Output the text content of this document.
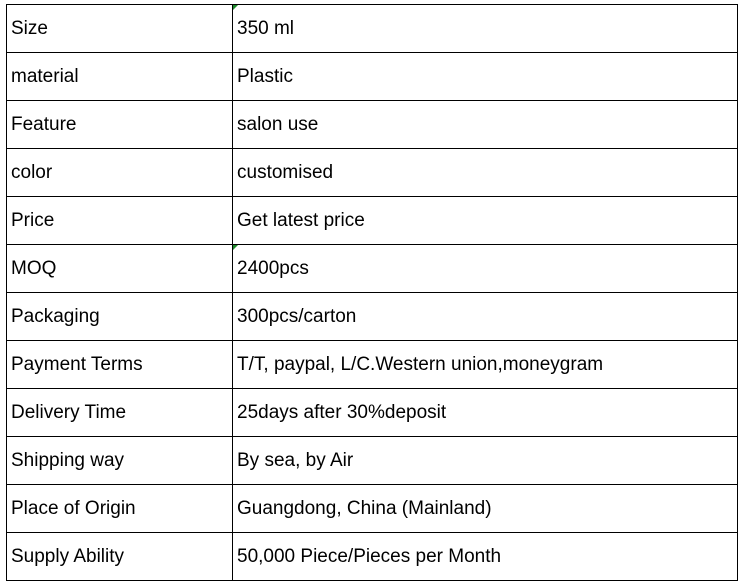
Size	350 ml
material	Plastic
Feature	salon use
color	customised
Price	Get latest price
MOQ	2400pcs
Packaging	300pcs/carton
Payment Terms	T/T, paypal, L/C.Western union,moneygram
Delivery Time	25days after 30%deposit
Shipping way	By sea, by Air
Place of Origin	Guangdong, China (Mainland)
Supply Ability	50,000 Piece/Pieces per Month
